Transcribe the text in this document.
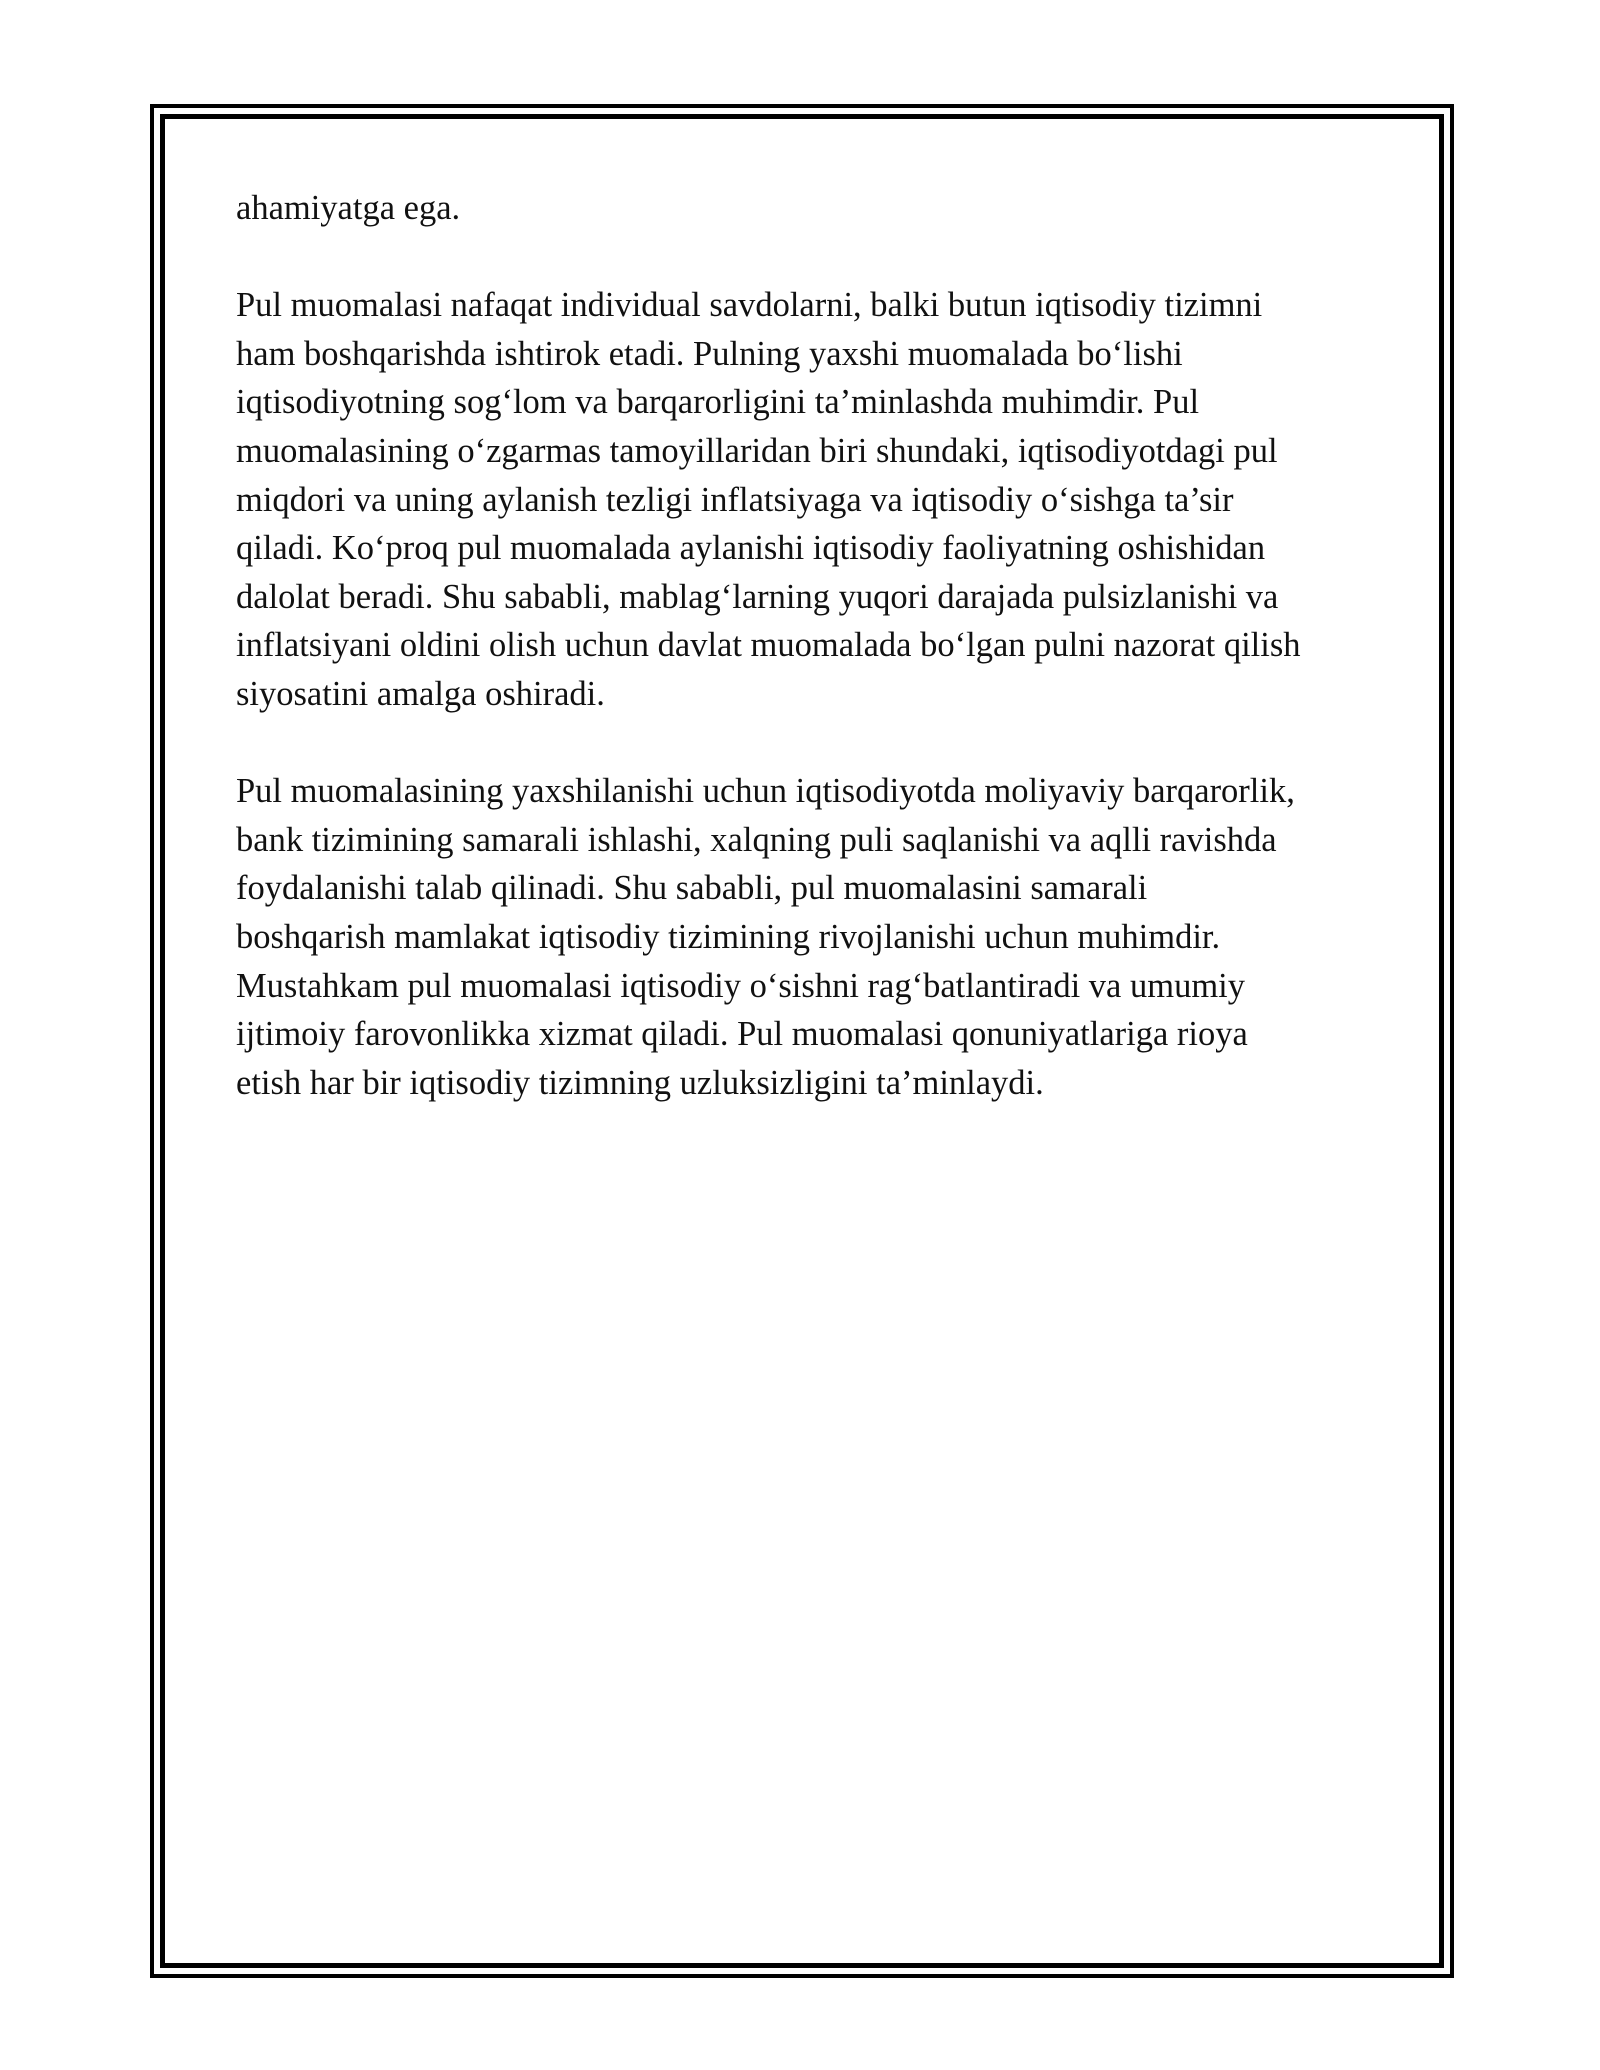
ahamiyatga ega.

Pul muomalasi nafaqat individual savdolarni, balki butun iqtisodiy tizimni
ham boshqarishda ishtirok etadi. Pulning yaxshi muomalada bo‘lishi
iqtisodiyotning sog‘lom va barqarorligini ta’minlashda muhimdir. Pul
muomalasining o‘zgarmas tamoyillaridan biri shundaki, iqtisodiyotdagi pul
miqdori va uning aylanish tezligi inflatsiyaga va iqtisodiy o‘sishga ta’sir
qiladi. Ko‘proq pul muomalada aylanishi iqtisodiy faoliyatning oshishidan
dalolat beradi. Shu sababli, mablag‘larning yuqori darajada pulsizlanishi va
inflatsiyani oldini olish uchun davlat muomalada bo‘lgan pulni nazorat qilish
siyosatini amalga oshiradi.

Pul muomalasining yaxshilanishi uchun iqtisodiyotda moliyaviy barqarorlik,
bank tizimining samarali ishlashi, xalqning puli saqlanishi va aqlli ravishda
foydalanishi talab qilinadi. Shu sababli, pul muomalasini samarali
boshqarish mamlakat iqtisodiy tizimining rivojlanishi uchun muhimdir.
Mustahkam pul muomalasi iqtisodiy o‘sishni rag‘batlantiradi va umumiy
ijtimoiy farovonlikka xizmat qiladi. Pul muomalasi qonuniyatlariga rioya
etish har bir iqtisodiy tizimning uzluksizligini ta’minlaydi.
